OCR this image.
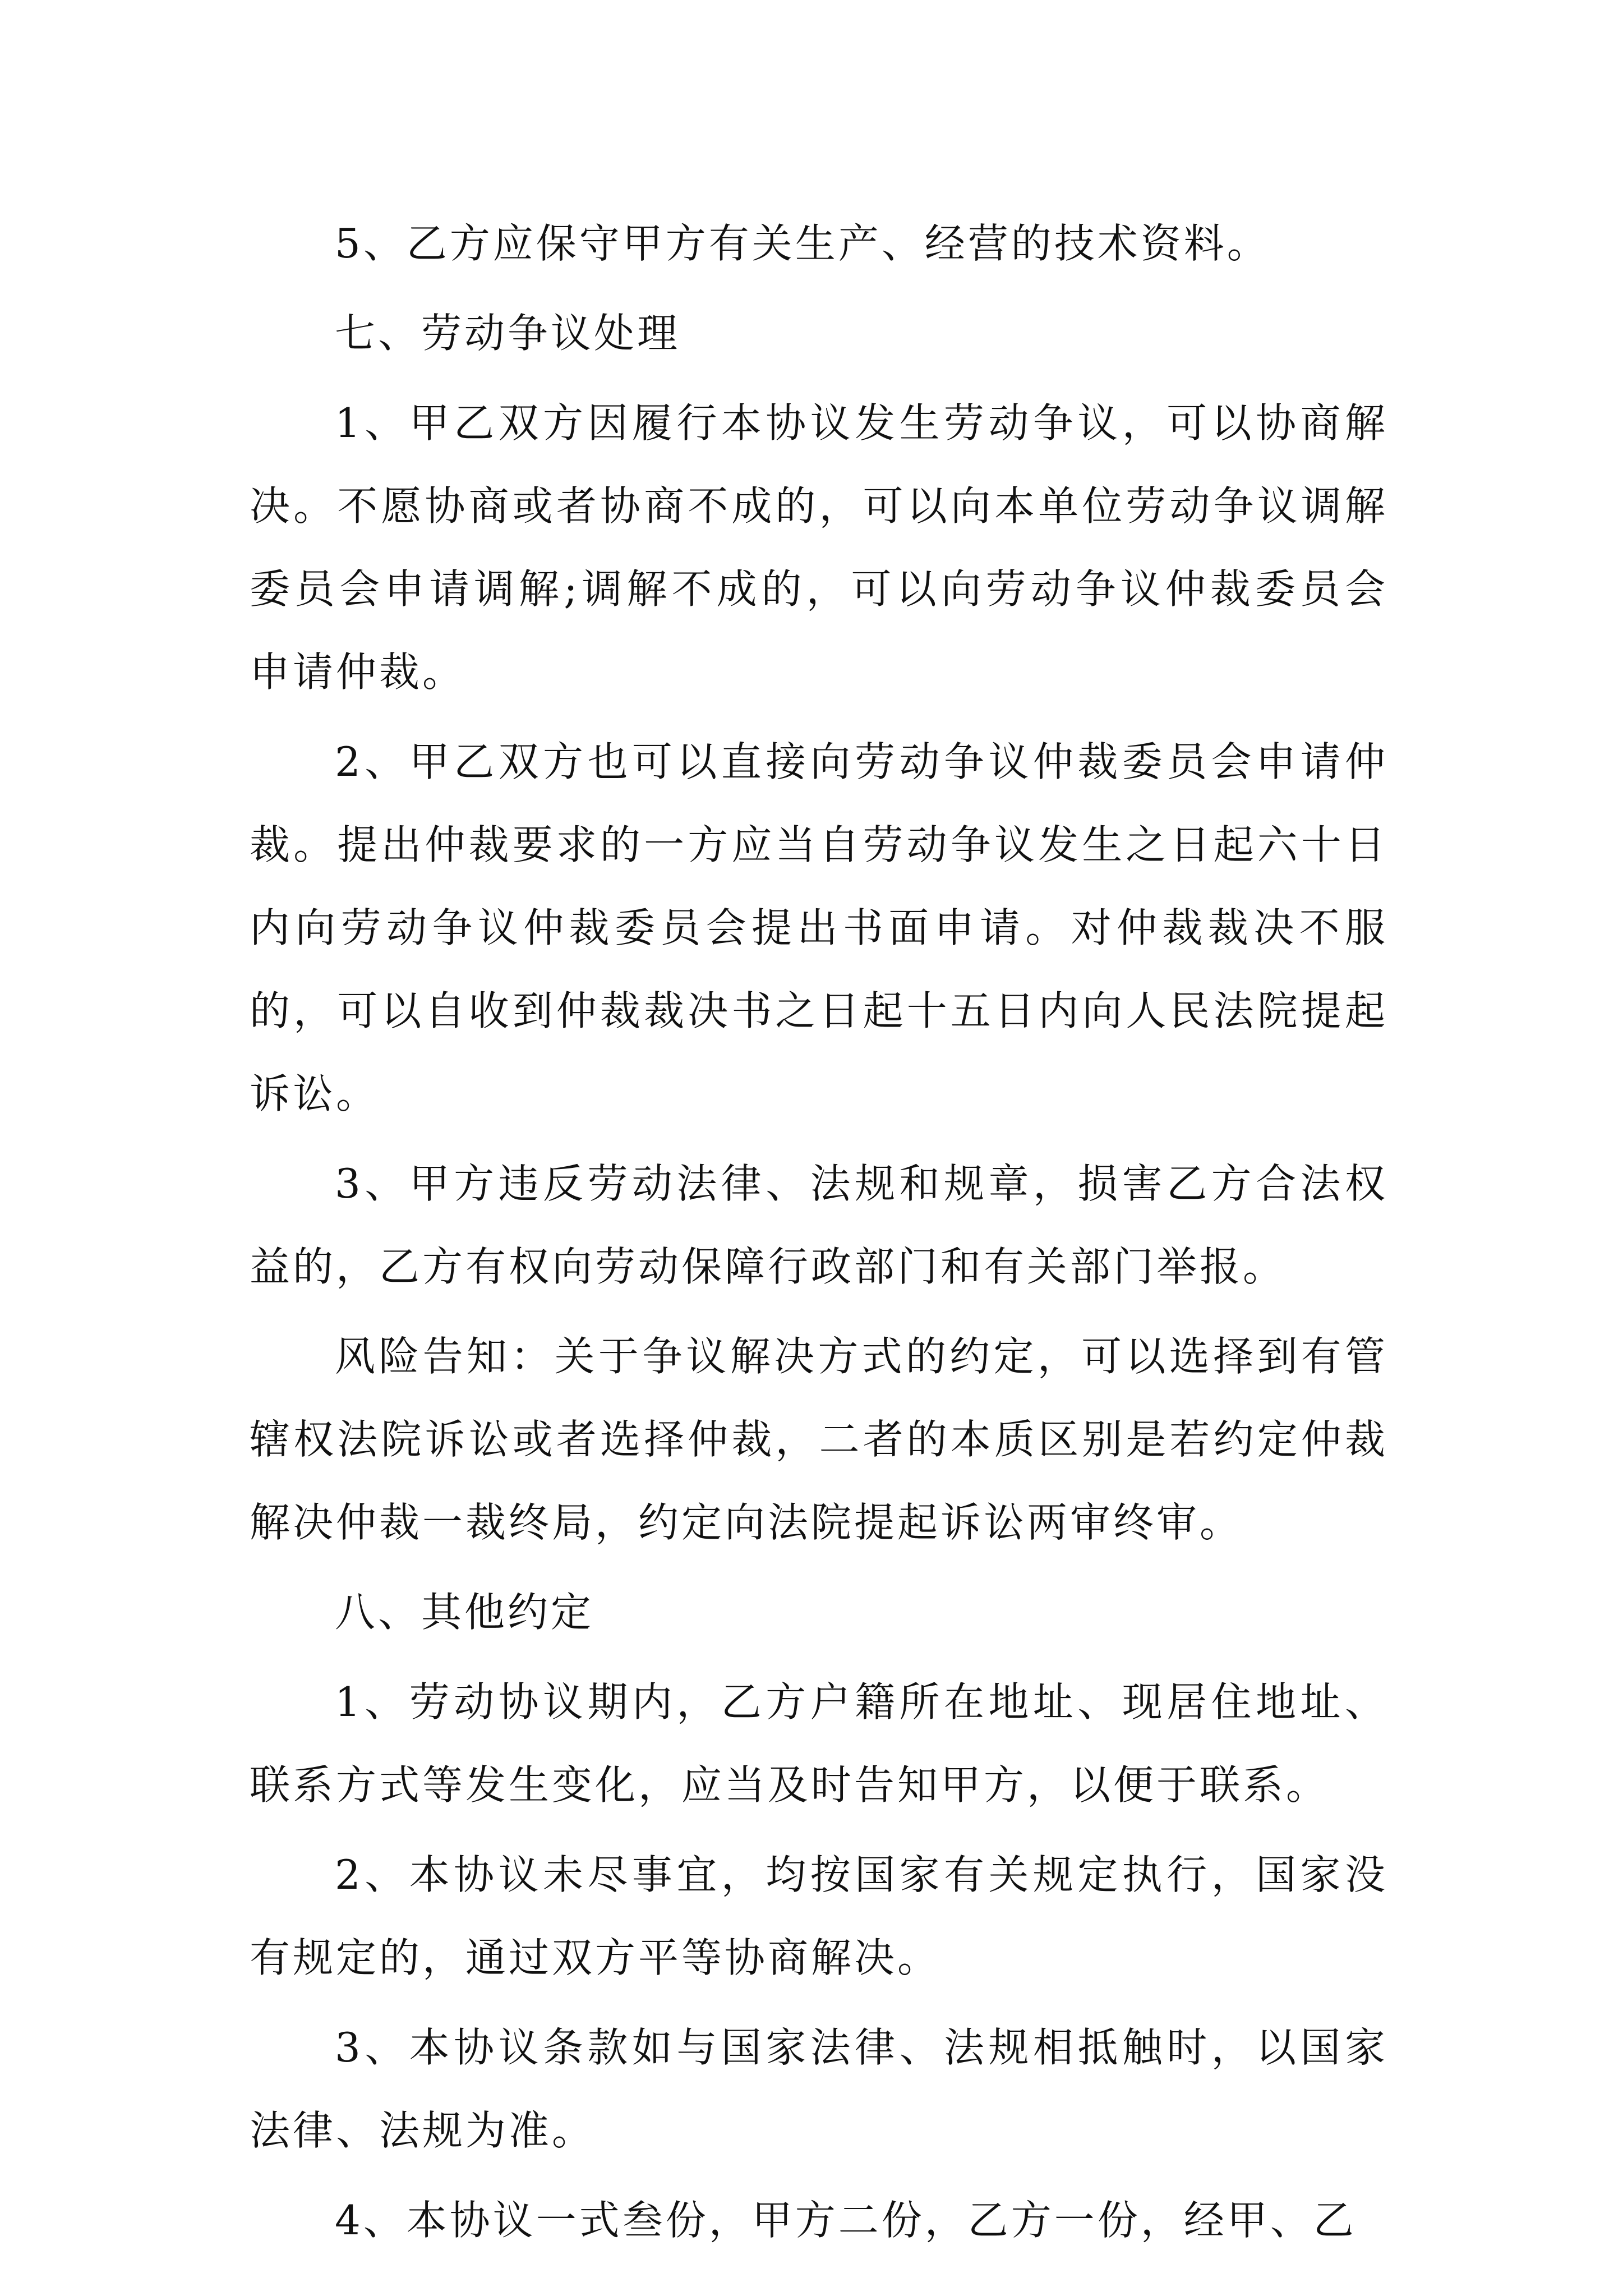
5、乙方应保守甲方有关生产、经营的技术资料。

七、劳动争议处理

1、甲乙双方因履行本协议发生劳动争议，可以协商解决。不愿协商或者协商不成的，可以向本单位劳动争议调解委员会申请调解;调解不成的，可以向劳动争议仲裁委员会申请仲裁。

2、甲乙双方也可以直接向劳动争议仲裁委员会申请仲裁。提出仲裁要求的一方应当自劳动争议发生之日起六十日内向劳动争议仲裁委员会提出书面申请。对仲裁裁决不服的，可以自收到仲裁裁决书之日起十五日内向人民法院提起诉讼。

3、甲方违反劳动法律、法规和规章，损害乙方合法权益的，乙方有权向劳动保障行政部门和有关部门举报。

风险告知：关于争议解决方式的约定，可以选择到有管辖权法院诉讼或者选择仲裁，二者的本质区别是若约定仲裁解决仲裁一裁终局，约定向法院提起诉讼两审终审。

八、其他约定

1、劳动协议期内，乙方户籍所在地址、现居住地址、联系方式等发生变化，应当及时告知甲方，以便于联系。

2、本协议未尽事宜，均按国家有关规定执行，国家没有规定的，通过双方平等协商解决。

3、本协议条款如与国家法律、法规相抵触时，以国家法律、法规为准。

4、本协议一式叁份，甲方二份，乙方一份，经甲、乙
